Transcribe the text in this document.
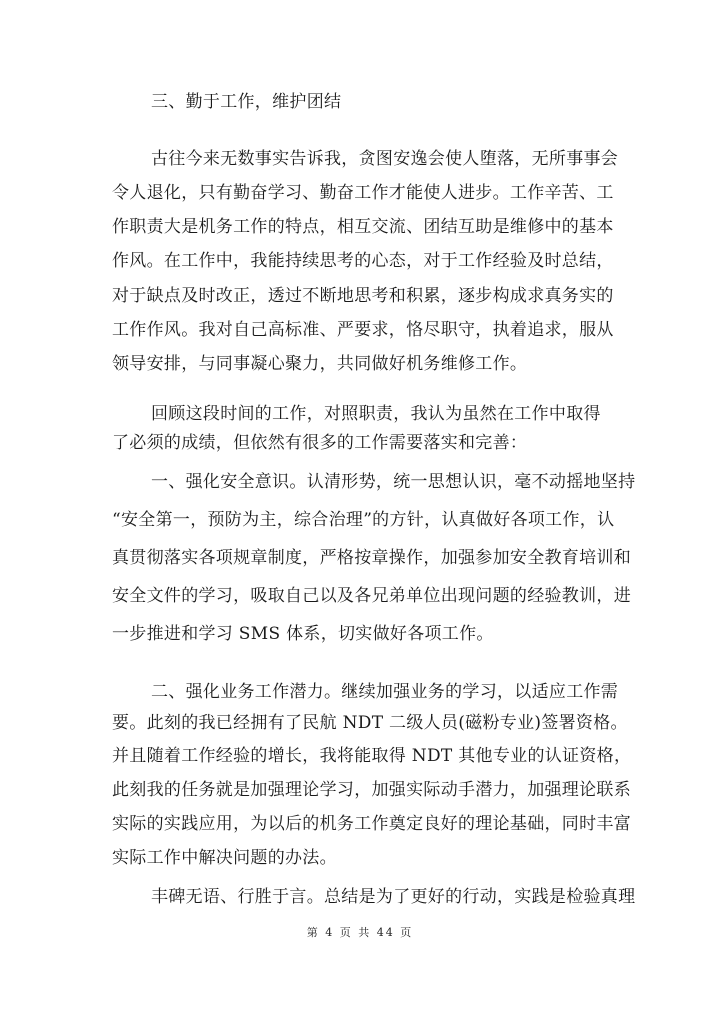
三、勤于工作，维护团结
古往今来无数事实告诉我，贪图安逸会使人堕落，无所事事会
令人退化，只有勤奋学习、勤奋工作才能使人进步。工作辛苦、工
作职责大是机务工作的特点，相互交流、团结互助是维修中的基本
作风。在工作中，我能持续思考的心态，对于工作经验及时总结，
对于缺点及时改正，透过不断地思考和积累，逐步构成求真务实的
工作作风。我对自己高标准、严要求，恪尽职守，执着追求，服从
领导安排，与同事凝心聚力，共同做好机务维修工作。
回顾这段时间的工作，对照职责，我认为虽然在工作中取得
了必须的成绩，但依然有很多的工作需要落实和完善：
一、强化安全意识。认清形势，统一思想认识，毫不动摇地坚持
“安全第一，预防为主，综合治理”的方针，认真做好各项工作，认
真贯彻落实各项规章制度，严格按章操作，加强参加安全教育培训和
安全文件的学习，吸取自己以及各兄弟单位出现问题的经验教训，进
一步推进和学习 SMS 体系，切实做好各项工作。
二、强化业务工作潜力。继续加强业务的学习，以适应工作需
要。此刻的我已经拥有了民航 NDT 二级人员(磁粉专业)签署资格。
并且随着工作经验的增长，我将能取得 NDT 其他专业的认证资格，
此刻我的任务就是加强理论学习，加强实际动手潜力，加强理论联系
实际的实践应用，为以后的机务工作奠定良好的理论基础，同时丰富
实际工作中解决问题的办法。
丰碑无语、行胜于言。总结是为了更好的行动，实践是检验真理
第 4 页 共 44 页
